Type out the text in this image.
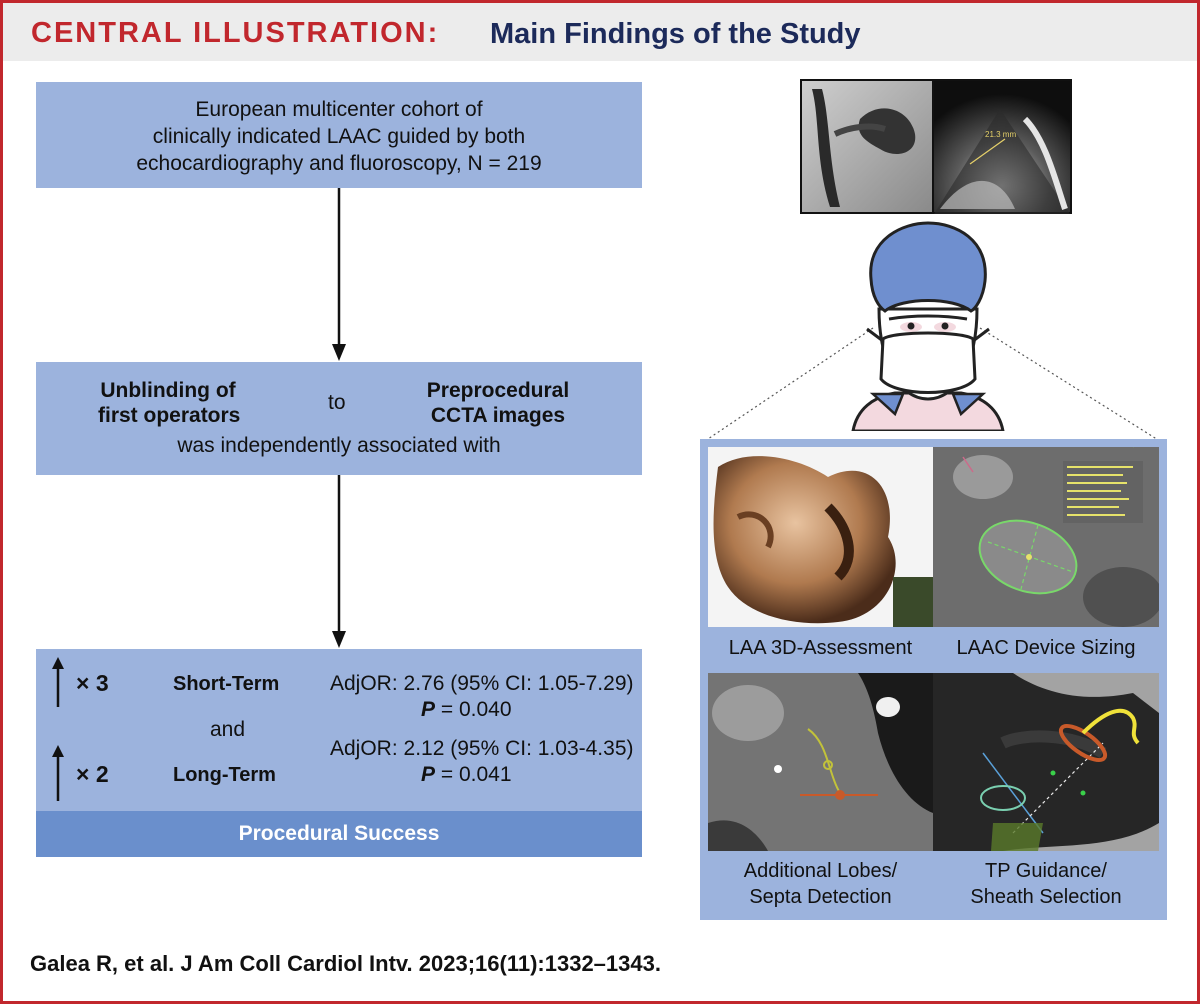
CENTRAL ILLUSTRATION: Main Findings of the Study
European multicenter cohort of
clinically indicated LAAC guided by both
echocardiography and fluoroscopy, N = 219
Unblinding of
first operators
to
Preprocedural
CCTA images
was independently associated with
× 3	Short-Term
and
× 2	Long-Term
AdjOR: 2.76 (95% CI: 1.05-7.29)
P = 0.040
AdjOR: 2.12 (95% CI: 1.03-4.35)
P = 0.041
Procedural Success
21.3 mm
LAA 3D-Assessment	LAAC Device Sizing
Additional Lobes/
Septa Detection
TP Guidance/
Sheath Selection
Galea R, et al. J Am Coll Cardiol Intv. 2023;16(11):1332–1343.
